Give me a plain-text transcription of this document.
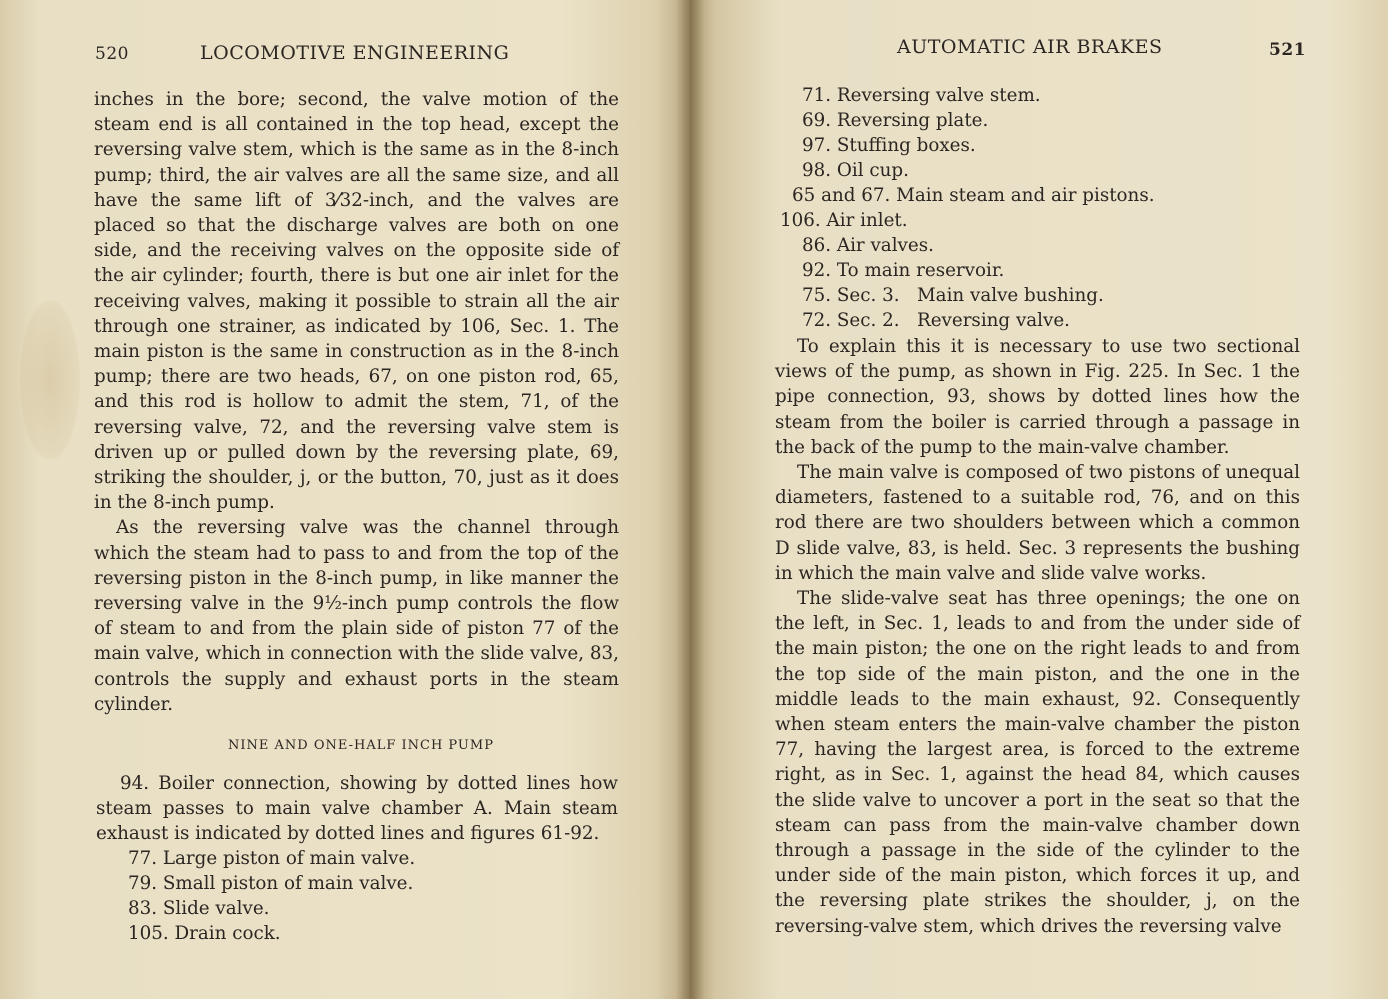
520	LOCOMOTIVE ENGINEERING

inches in the bore; second, the valve motion of the steam end is all contained in the top head, except the reversing valve stem, which is the same as in the 8-inch pump; third, the air valves are all the same size, and all have the same lift of 3⁄32-inch, and the valves are placed so that the discharge valves are both on one side, and the receiving valves on the opposite side of the air cylinder; fourth, there is but one air inlet for the receiving valves, making it possible to strain all the air through one strainer, as indicated by 106, Sec. 1. The main piston is the same in construction as in the 8-inch pump; there are two heads, 67, on one piston rod, 65, and this rod is hollow to admit the stem, 71, of the reversing valve, 72, and the reversing valve stem is driven up or pulled down by the reversing plate, 69, striking the shoulder, j, or the button, 70, just as it does in the 8-inch pump.

As the reversing valve was the channel through which the steam had to pass to and from the top of the reversing piston in the 8-inch pump, in like manner the reversing valve in the 9½-inch pump controls the flow of steam to and from the plain side of piston 77 of the main valve, which in connection with the slide valve, 83, controls the supply and exhaust ports in the steam cylinder.

NINE AND ONE-HALF INCH PUMP

94. Boiler connection, showing by dotted lines how steam passes to main valve chamber A. Main steam exhaust is indicated by dotted lines and figures 61-92.

77. Large piston of main valve.
79. Small piston of main valve.
83. Slide valve.
105. Drain cock.
AUTOMATIC AIR BRAKES	521
71. Reversing valve stem.
69. Reversing plate.
97. Stuffing boxes.
98. Oil cup.
65 and 67. Main steam and air pistons.
106. Air inlet.
86. Air valves.
92. To main reservoir.
75. Sec. 3.   Main valve bushing.
72. Sec. 2.   Reversing valve.

To explain this it is necessary to use two sectional views of the pump, as shown in Fig. 225. In Sec. 1 the pipe connection, 93, shows by dotted lines how the steam from the boiler is carried through a passage in the back of the pump to the main-valve chamber.

The main valve is composed of two pistons of unequal diameters, fastened to a suitable rod, 76, and on this rod there are two shoulders between which a common D slide valve, 83, is held. Sec. 3 represents the bushing in which the main valve and slide valve works.

The slide-valve seat has three openings; the one on the left, in Sec. 1, leads to and from the under side of the main piston; the one on the right leads to and from the top side of the main piston, and the one in the middle leads to the main exhaust, 92. Consequently when steam enters the main-valve chamber the piston 77, having the largest area, is forced to the extreme right, as in Sec. 1, against the head 84, which causes the slide valve to uncover a port in the seat so that the steam can pass from the main-valve chamber down through a passage in the side of the cylinder to the under side of the main piston, which forces it up, and the reversing plate strikes the shoulder, j, on the reversing-valve stem, which drives the reversing valve
